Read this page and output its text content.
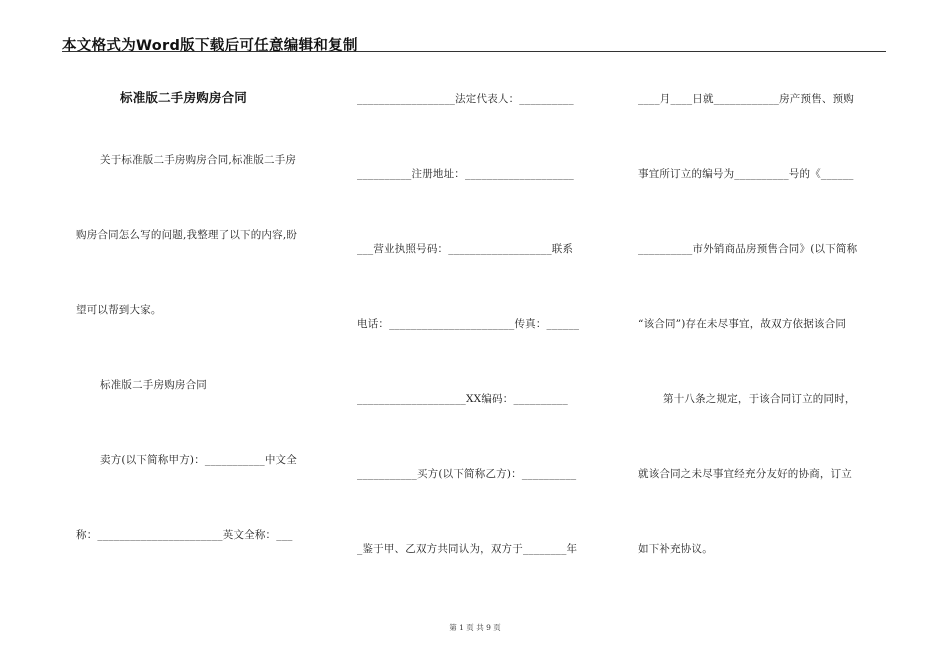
本文格式为Word版下载后可任意编辑和复制
标准版二手房购房合同
关于标准版二手房购房合同,标准版二手房
购房合同怎么写的问题,我整理了以下的内容,盼
望可以帮到大家。
标准版二手房购房合同
卖方(以下简称甲方)：___________中文全
称：_______________________英文全称：___
__________________法定代表人：__________
__________注册地址：____________________
___营业执照号码：___________________联系
电话：_______________________传真：______
____________________XX编码：__________
___________买方(以下简称乙方)：__________
_鉴于甲、乙双方共同认为，双方于________年
____月____日就____________房产预售、预购
事宜所订立的编号为__________号的《______
__________市外销商品房预售合同》(以下简称
“该合同”)存在未尽事宜，故双方依据该合同
第十八条之规定，于该合同订立的同时，
就该合同之未尽事宜经充分友好的协商，订立
如下补充协议。
第 1 页 共 9 页
